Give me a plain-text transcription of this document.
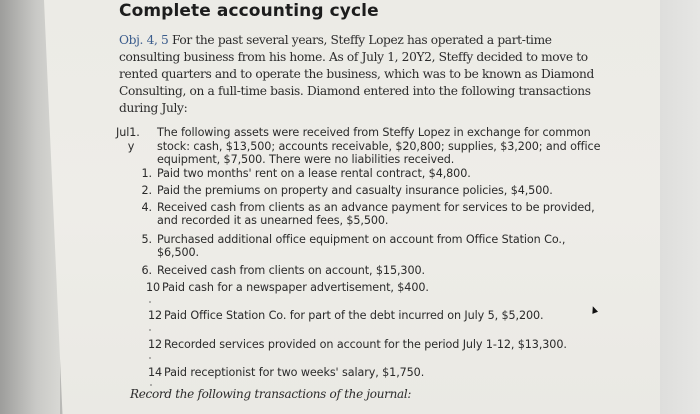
Complete accounting cycle
Obj. 4, 5 For the past several years, Steffy Lopez has operated a part-time
consulting business from his home. As of July 1, 20Y2, Steffy decided to move to
rented quarters and to operate the business, which was to be known as Diamond
Consulting, on a full-time basis. Diamond entered into the following transactions
during July:
Jul1.
y
The following assets were received from Steffy Lopez in exchange for common
stock: cash, $13,500; accounts receivable, $20,800; supplies, $3,200; and office
equipment, $7,500. There were no liabilities received.
1. Paid two months' rent on a lease rental contract, $4,800.
2. Paid the premiums on property and casualty insurance policies, $4,500.
4. Received cash from clients as an advance payment for services to be provided,
and recorded it as unearned fees, $5,500.
5. Purchased additional office equipment on account from Office Station Co.,
$6,500.
6. Received cash from clients on account, $15,300.
10 Paid cash for a newspaper advertisement, $400.
12 Paid Office Station Co. for part of the debt incurred on July 5, $5,200.
12 Recorded services provided on account for the period July 1-12, $13,300.
14 Paid receptionist for two weeks' salary, $1,750.
Record the following transactions of the journal:
